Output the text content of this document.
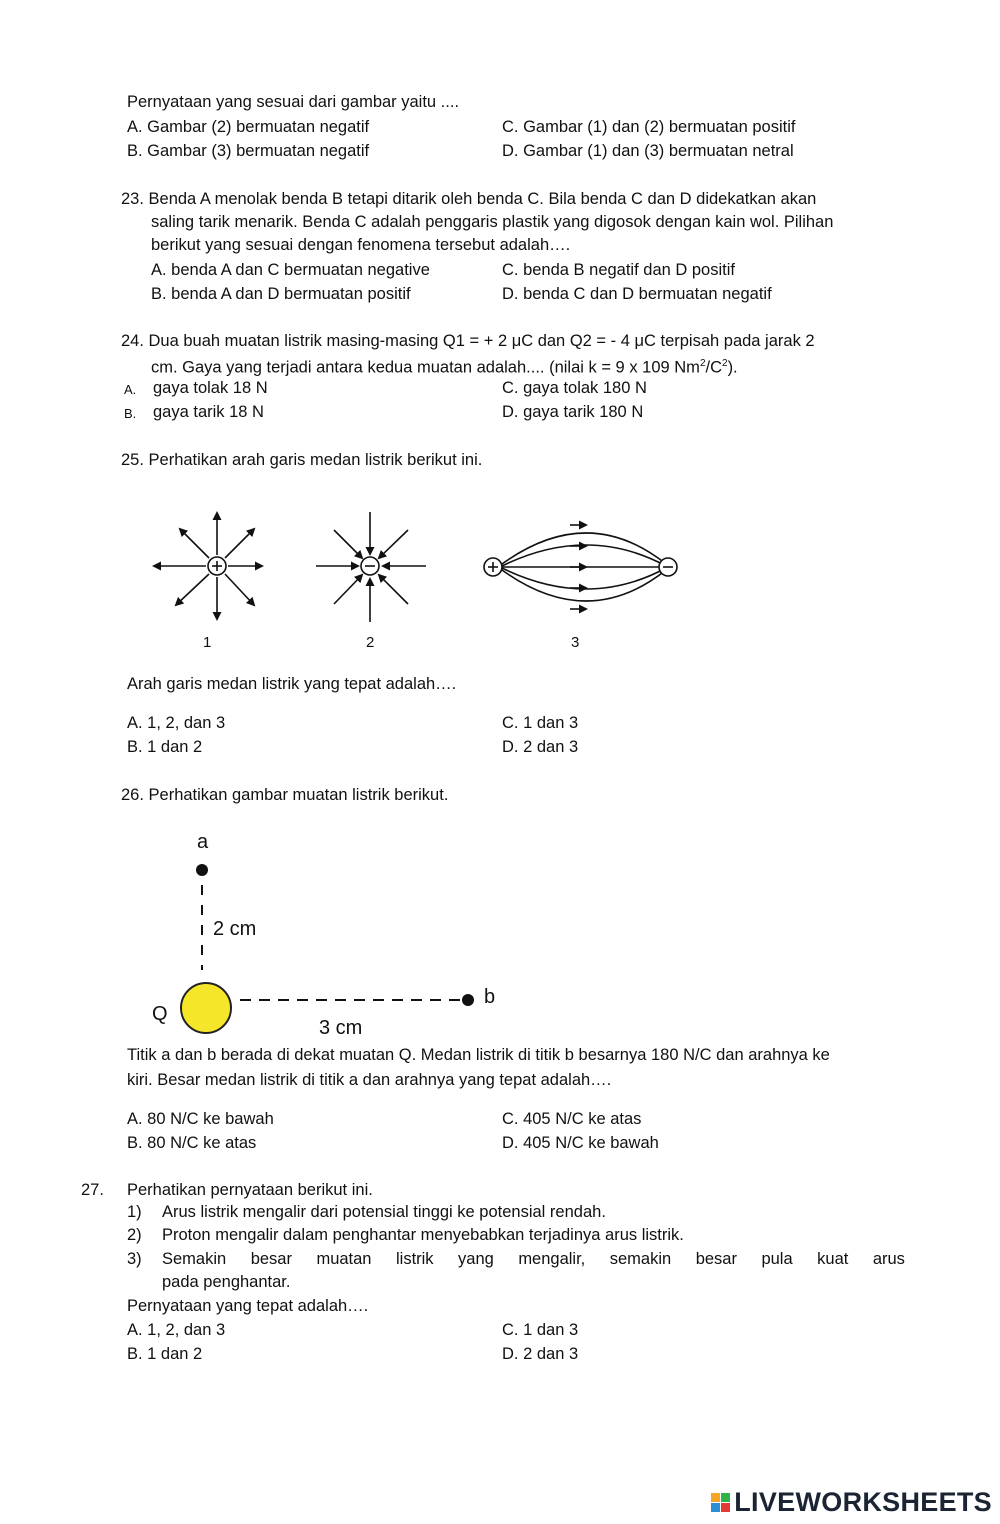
Pernyataan yang sesuai dari gambar yaitu ....
A. Gambar (2) bermuatan negatif	C. Gambar (1) dan (2) bermuatan positif
B. Gambar (3) bermuatan negatif	D. Gambar (1) dan (3) bermuatan netral
23. Benda A menolak benda B tetapi ditarik oleh benda C. Bila benda C dan D didekatkan akan
saling tarik menarik. Benda C adalah penggaris plastik yang digosok dengan kain wol. Pilihan
berikut yang sesuai dengan fenomena tersebut adalah….
A. benda A dan C bermuatan negative	C. benda B negatif dan D positif
B. benda A dan D bermuatan positif	D. benda C dan D bermuatan negatif
24. Dua buah muatan listrik masing-masing Q1 = + 2 μC dan Q2 = - 4 μC terpisah pada jarak 2
cm. Gaya yang terjadi antara kedua muatan adalah.... (nilai k = 9 x 109 $Nm^2/C^2$).
A. gaya tolak 18 N	C. gaya tolak 180 N
B. gaya tarik 18 N	D. gaya tarik 180 N
25. Perhatikan arah garis medan listrik berikut ini.
1	2	3
Arah garis medan listrik yang tepat adalah….
A. 1, 2, dan 3	C. 1 dan 3
B. 1 dan 2	D. 2 dan 3
26. Perhatikan gambar muatan listrik berikut.
a
b
Q
2 cm
3 cm
Titik a dan b berada di dekat muatan Q. Medan listrik di titik b besarnya 180 N/C dan arahnya ke
kiri. Besar medan listrik di titik a dan arahnya yang tepat adalah….
A. 80 N/C ke bawah	C. 405 N/C ke atas
B. 80 N/C ke atas	D. 405 N/C ke bawah
27. Perhatikan pernyataan berikut ini.
1) Arus listrik mengalir dari potensial tinggi ke potensial rendah.
2) Proton mengalir dalam penghantar menyebabkan terjadinya arus listrik.
3) Semakin besar muatan listrik yang mengalir, semakin besar pula kuat arus
pada penghantar.
Pernyataan yang tepat adalah….
A. 1, 2, dan 3	C. 1 dan 3
B. 1 dan 2	D. 2 dan 3
LIVEWORKSHEETS
